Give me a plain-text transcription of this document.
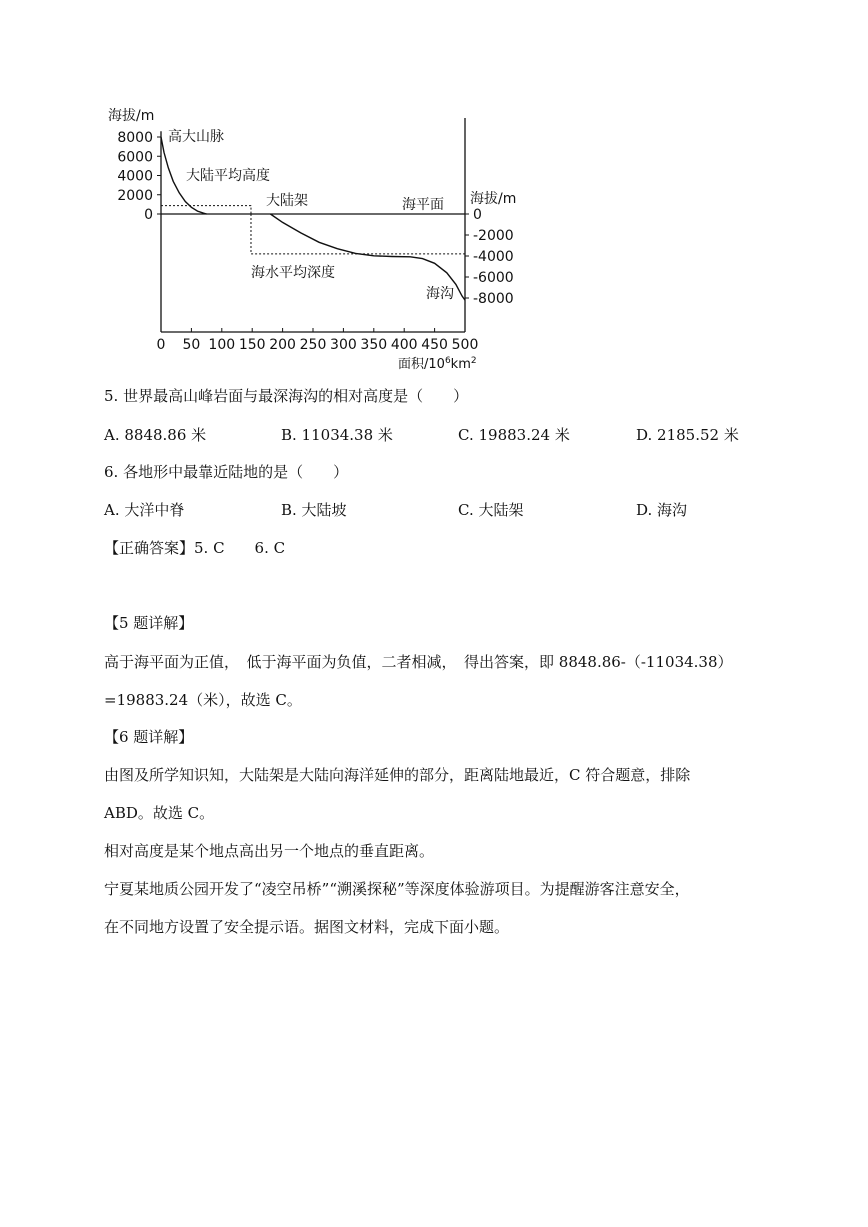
海拔/m
海拔/m
面积$/10^6km^2$
高大山脉
大陆平均高度
大陆架	海平面
海水平均深度
海沟
8000
6000
4000
2000
0	0
-2000
-4000
-6000
-8000
0 50 100 150 200 250 300 350 400 450 500
5. 世界最高山峰岩面与最深海沟的相对高度是（　　）
A. 8848.86 米	B. 11034.38 米	C. 19883.24 米	D. 2185.52 米
6. 各地形中最靠近陆地的是（　　）
A. 大洋中脊	B. 大陆坡	C. 大陆架	D. 海沟
【正确答案】5. C　　6. C
【5 题详解】
高于海平面为正值，　低于海平面为负值，二者相减，　得出答案，即 8848.86-（-11034.38）
=19883.24（米），故选 C。
【6 题详解】
由图及所学知识知，大陆架是大陆向海洋延伸的部分，距离陆地最近，C 符合题意，排除
ABD。故选 C。
相对高度是某个地点高出另一个地点的垂直距离。
宁夏某地质公园开发了“凌空吊桥”“溯溪探秘”等深度体验游项目。为提醒游客注意安全，
在不同地方设置了安全提示语。据图文材料，完成下面小题。
